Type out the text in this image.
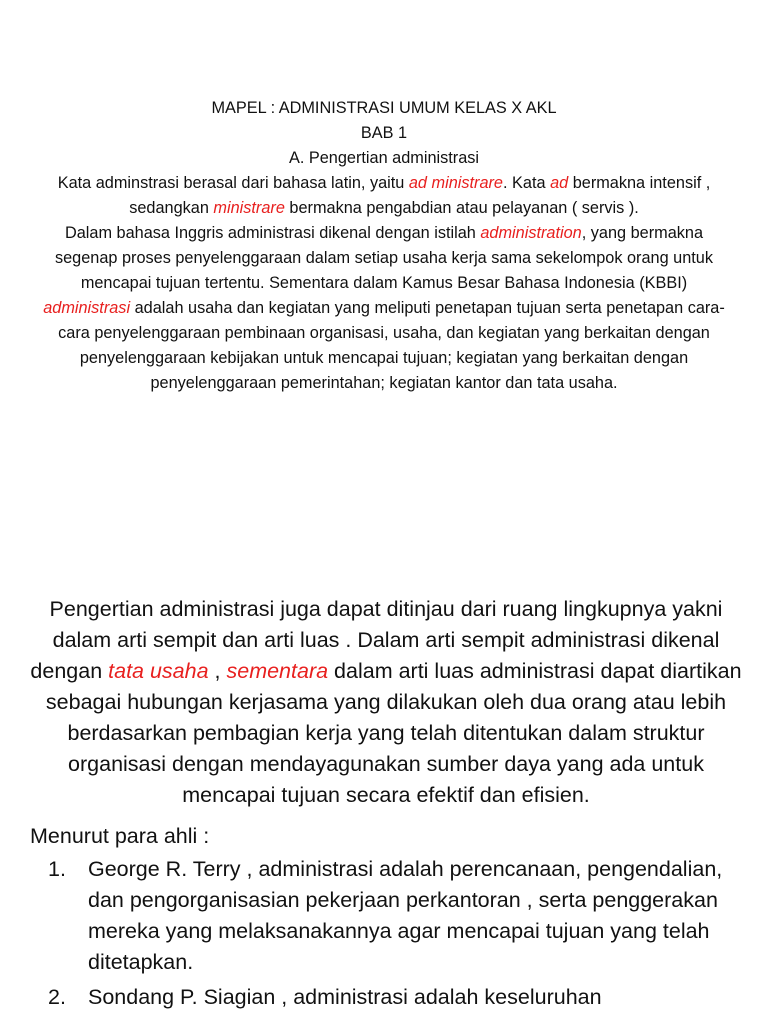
MAPEL : ADMINISTRASI UMUM KELAS X AKL

BAB 1

A. Pengertian administrasi

Kata adminstrasi berasal dari bahasa latin, yaitu ad ministrare. Kata ad bermakna intensif , sedangkan ministrare bermakna pengabdian atau pelayanan ( servis ).

Dalam bahasa Inggris administrasi dikenal dengan istilah administration, yang bermakna segenap proses penyelenggaraan dalam setiap usaha kerja sama sekelompok orang untuk mencapai tujuan tertentu. Sementara dalam Kamus Besar Bahasa Indonesia (KBBI) administrasi adalah usaha dan kegiatan yang meliputi penetapan tujuan serta penetapan cara-cara penyelenggaraan pembinaan organisasi, usaha, dan kegiatan yang berkaitan dengan penyelenggaraan kebijakan untuk mencapai tujuan; kegiatan yang berkaitan dengan penyelenggaraan pemerintahan; kegiatan kantor dan tata usaha.

Pengertian administrasi juga dapat ditinjau dari ruang lingkupnya yakni dalam arti sempit dan arti luas . Dalam arti sempit administrasi dikenal dengan tata usaha , sementara dalam arti luas administrasi dapat diartikan sebagai hubungan kerjasama yang dilakukan oleh dua orang atau lebih berdasarkan pembagian kerja yang telah ditentukan dalam struktur organisasi dengan mendayagunakan sumber daya yang ada untuk mencapai tujuan secara efektif dan efisien.

Menurut para ahli :

1. George R. Terry , administrasi adalah perencanaan, pengendalian, dan pengorganisasian pekerjaan perkantoran , serta penggerakan mereka yang melaksanakannya agar mencapai tujuan yang telah ditetapkan.
2. Sondang P. Siagian , administrasi adalah keseluruhan
